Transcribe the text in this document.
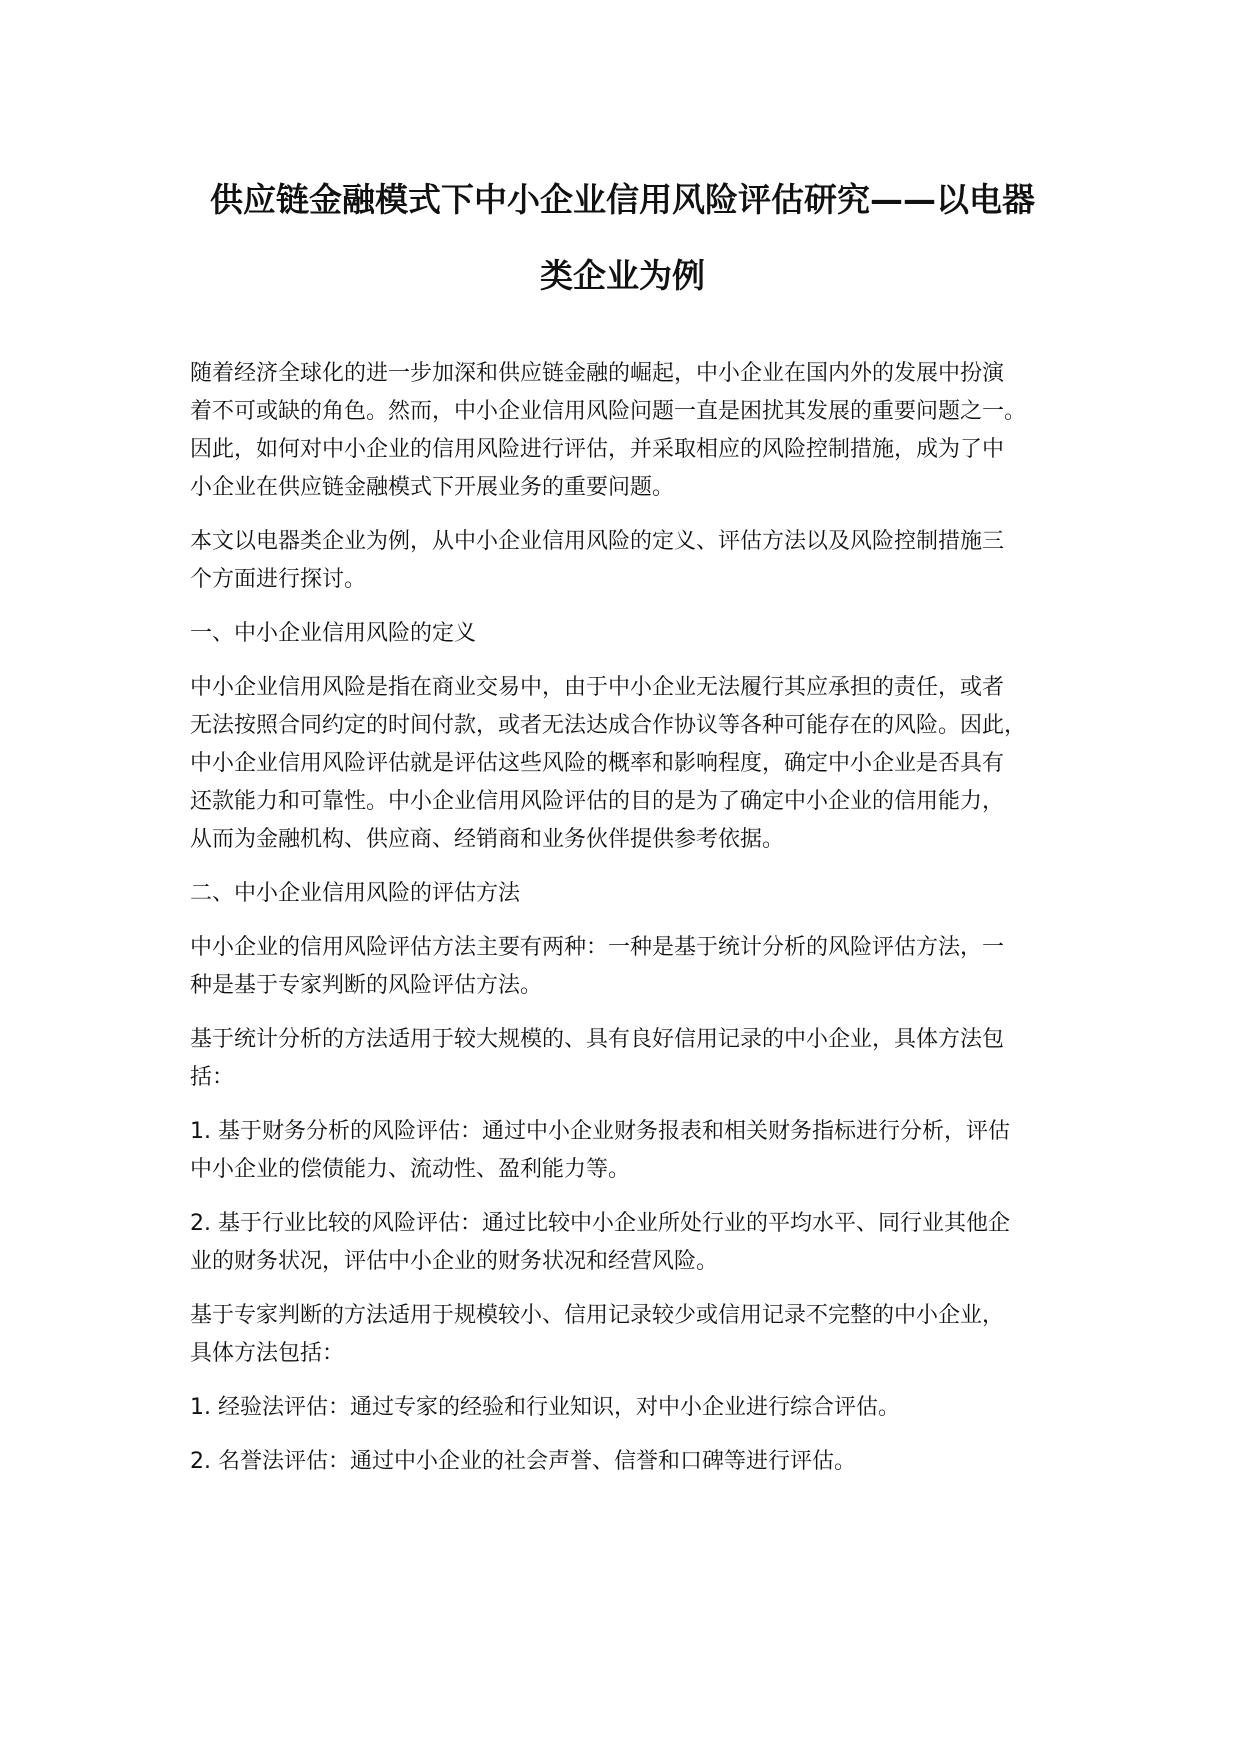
供应链金融模式下中小企业信用风险评估研究——以电器
类企业为例

随着经济全球化的进一步加深和供应链金融的崛起，中小企业在国内外的发展中扮演
着不可或缺的角色。然而，中小企业信用风险问题一直是困扰其发展的重要问题之一。
因此，如何对中小企业的信用风险进行评估，并采取相应的风险控制措施，成为了中
小企业在供应链金融模式下开展业务的重要问题。

本文以电器类企业为例，从中小企业信用风险的定义、评估方法以及风险控制措施三
个方面进行探讨。

一、中小企业信用风险的定义

中小企业信用风险是指在商业交易中，由于中小企业无法履行其应承担的责任，或者
无法按照合同约定的时间付款，或者无法达成合作协议等各种可能存在的风险。因此，
中小企业信用风险评估就是评估这些风险的概率和影响程度，确定中小企业是否具有
还款能力和可靠性。中小企业信用风险评估的目的是为了确定中小企业的信用能力，
从而为金融机构、供应商、经销商和业务伙伴提供参考依据。

二、中小企业信用风险的评估方法

中小企业的信用风险评估方法主要有两种：一种是基于统计分析的风险评估方法，一
种是基于专家判断的风险评估方法。

基于统计分析的方法适用于较大规模的、具有良好信用记录的中小企业，具体方法包
括：

1. 基于财务分析的风险评估：通过中小企业财务报表和相关财务指标进行分析，评估
中小企业的偿债能力、流动性、盈利能力等。

2. 基于行业比较的风险评估：通过比较中小企业所处行业的平均水平、同行业其他企
业的财务状况，评估中小企业的财务状况和经营风险。

基于专家判断的方法适用于规模较小、信用记录较少或信用记录不完整的中小企业，
具体方法包括：

1. 经验法评估：通过专家的经验和行业知识，对中小企业进行综合评估。

2. 名誉法评估：通过中小企业的社会声誉、信誉和口碑等进行评估。
